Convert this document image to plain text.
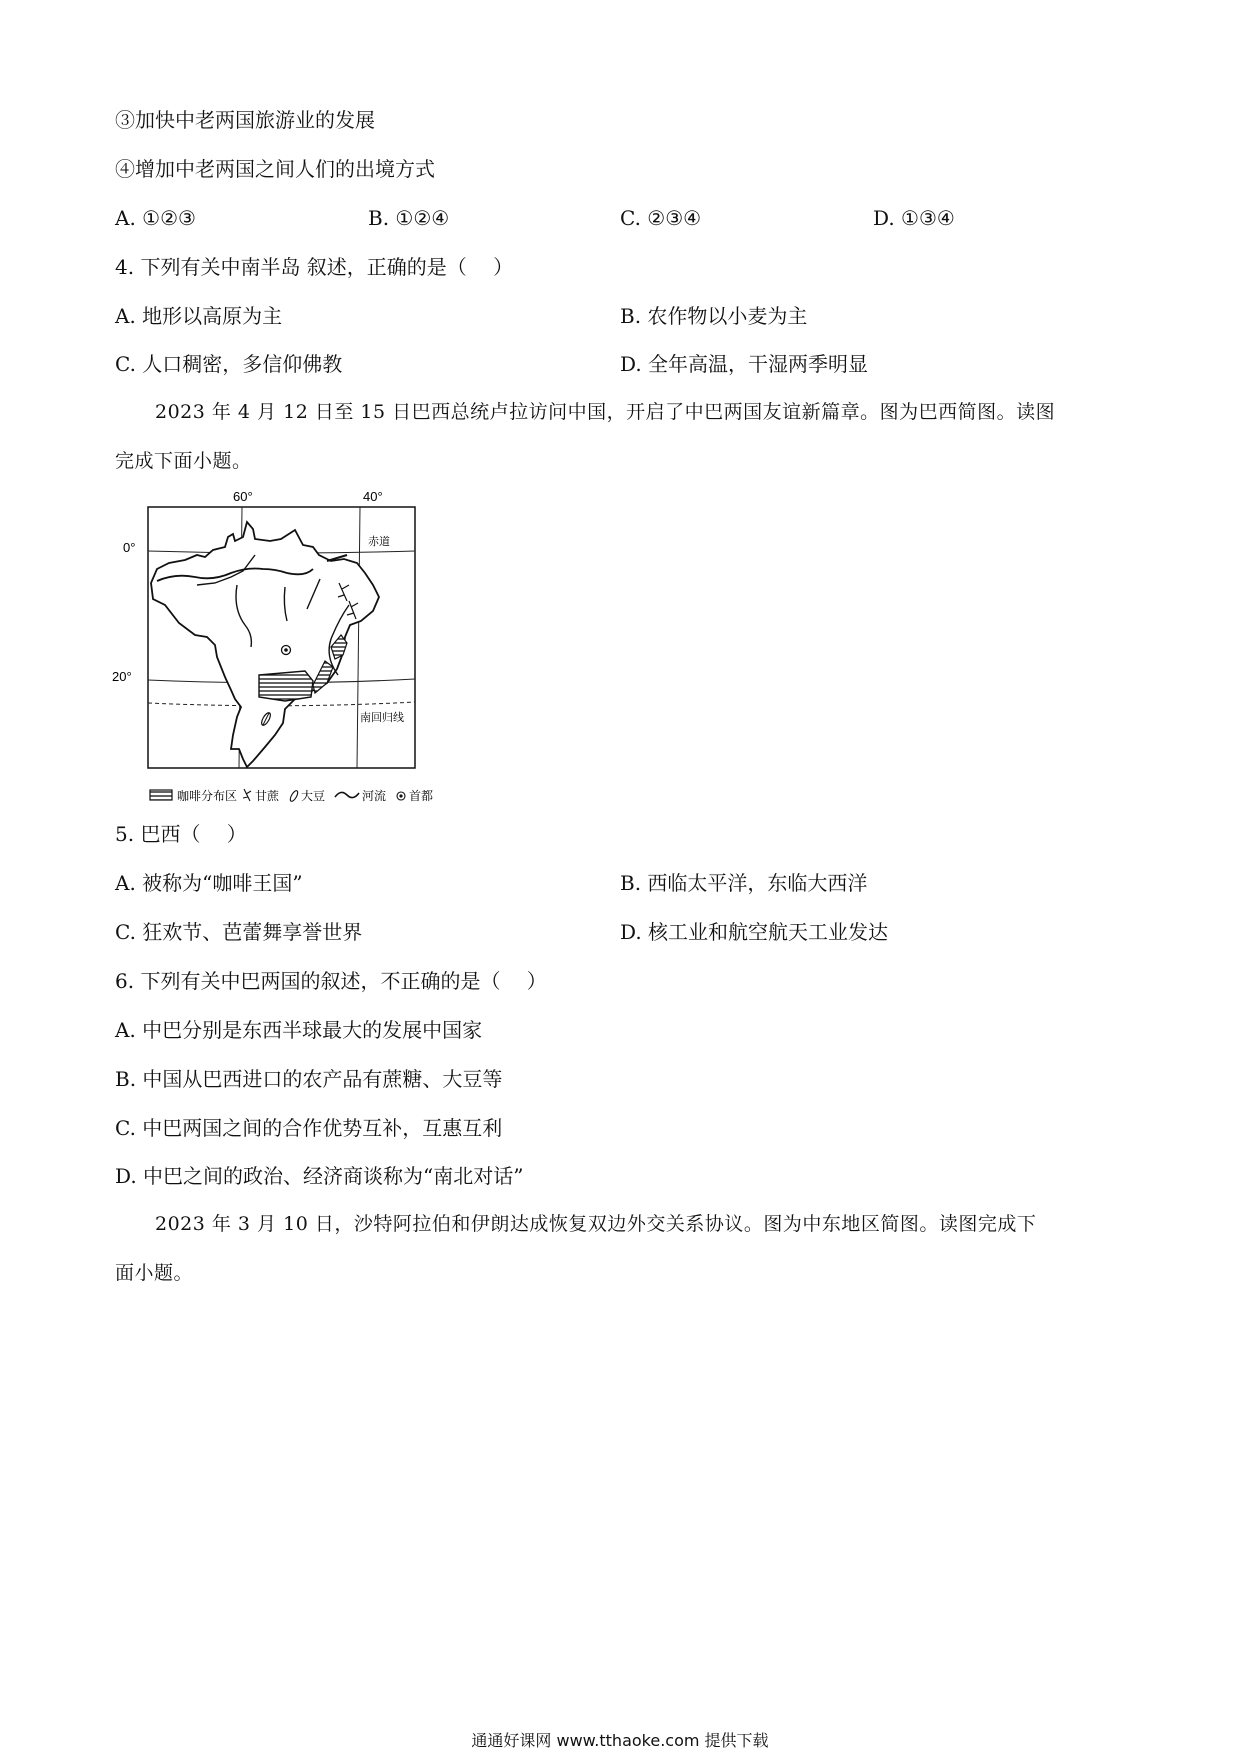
③加快中老两国旅游业的发展
④增加中老两国之间人们的出境方式
A. ①②③	B. ①②④	C. ②③④	D. ①③④
4. 下列有关中南半岛 叙述，正确的是（　 ）
A. 地形以高原为主	B. 农作物以小麦为主
C. 人口稠密，多信仰佛教	D. 全年高温，干湿两季明显
2023 年 4 月 12 日至 15 日巴西总统卢拉访问中国，开启了中巴两国友谊新篇章。图为巴西简图。读图
完成下面小题。
60°	40°
0°
20°
赤道
南回归线
咖啡分布区 甘蔗 大豆	河流 首都
5. 巴西（　 ）
A. 被称为“咖啡王国”	B. 西临太平洋，东临大西洋
C. 狂欢节、芭蕾舞享誉世界	D. 核工业和航空航天工业发达
6. 下列有关中巴两国的叙述，不正确的是（　 ）
A. 中巴分别是东西半球最大的发展中国家
B. 中国从巴西进口的农产品有蔗糖、大豆等
C. 中巴两国之间的合作优势互补，互惠互利
D. 中巴之间的政治、经济商谈称为“南北对话”
2023 年 3 月 10 日，沙特阿拉伯和伊朗达成恢复双边外交关系协议。图为中东地区简图。读图完成下
面小题。
通通好课网 www.tthaoke.com 提供下载
